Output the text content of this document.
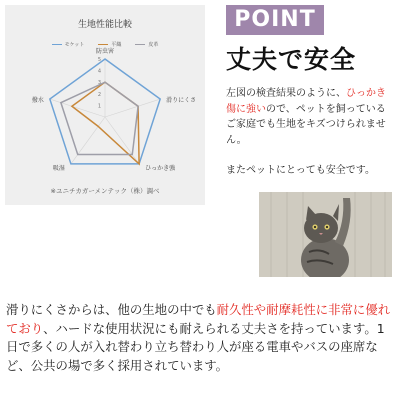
生地性能比較
モケット	平織	皮革
1
2
3
4
5
防虫害
滑りにくさ
ひっかき強
吸湿
撥水
※ユニチカガーメンテック（株）調べ
POINT
丈夫で安全
左図の検査結果のように、ひっかき傷に強いので、ペットを飼っているご家庭でも生地をキズつけられません。
またペットにとっても安全です。
滑りにくさからは、他の生地の中でも耐久性や耐摩耗性に非常に優れており、ハードな使用状況にも耐えられる丈夫さを持っています。1日で多くの人が入れ替わり立ち替わり人が座る電車やバスの座席など、公共の場で多く採用されています。
